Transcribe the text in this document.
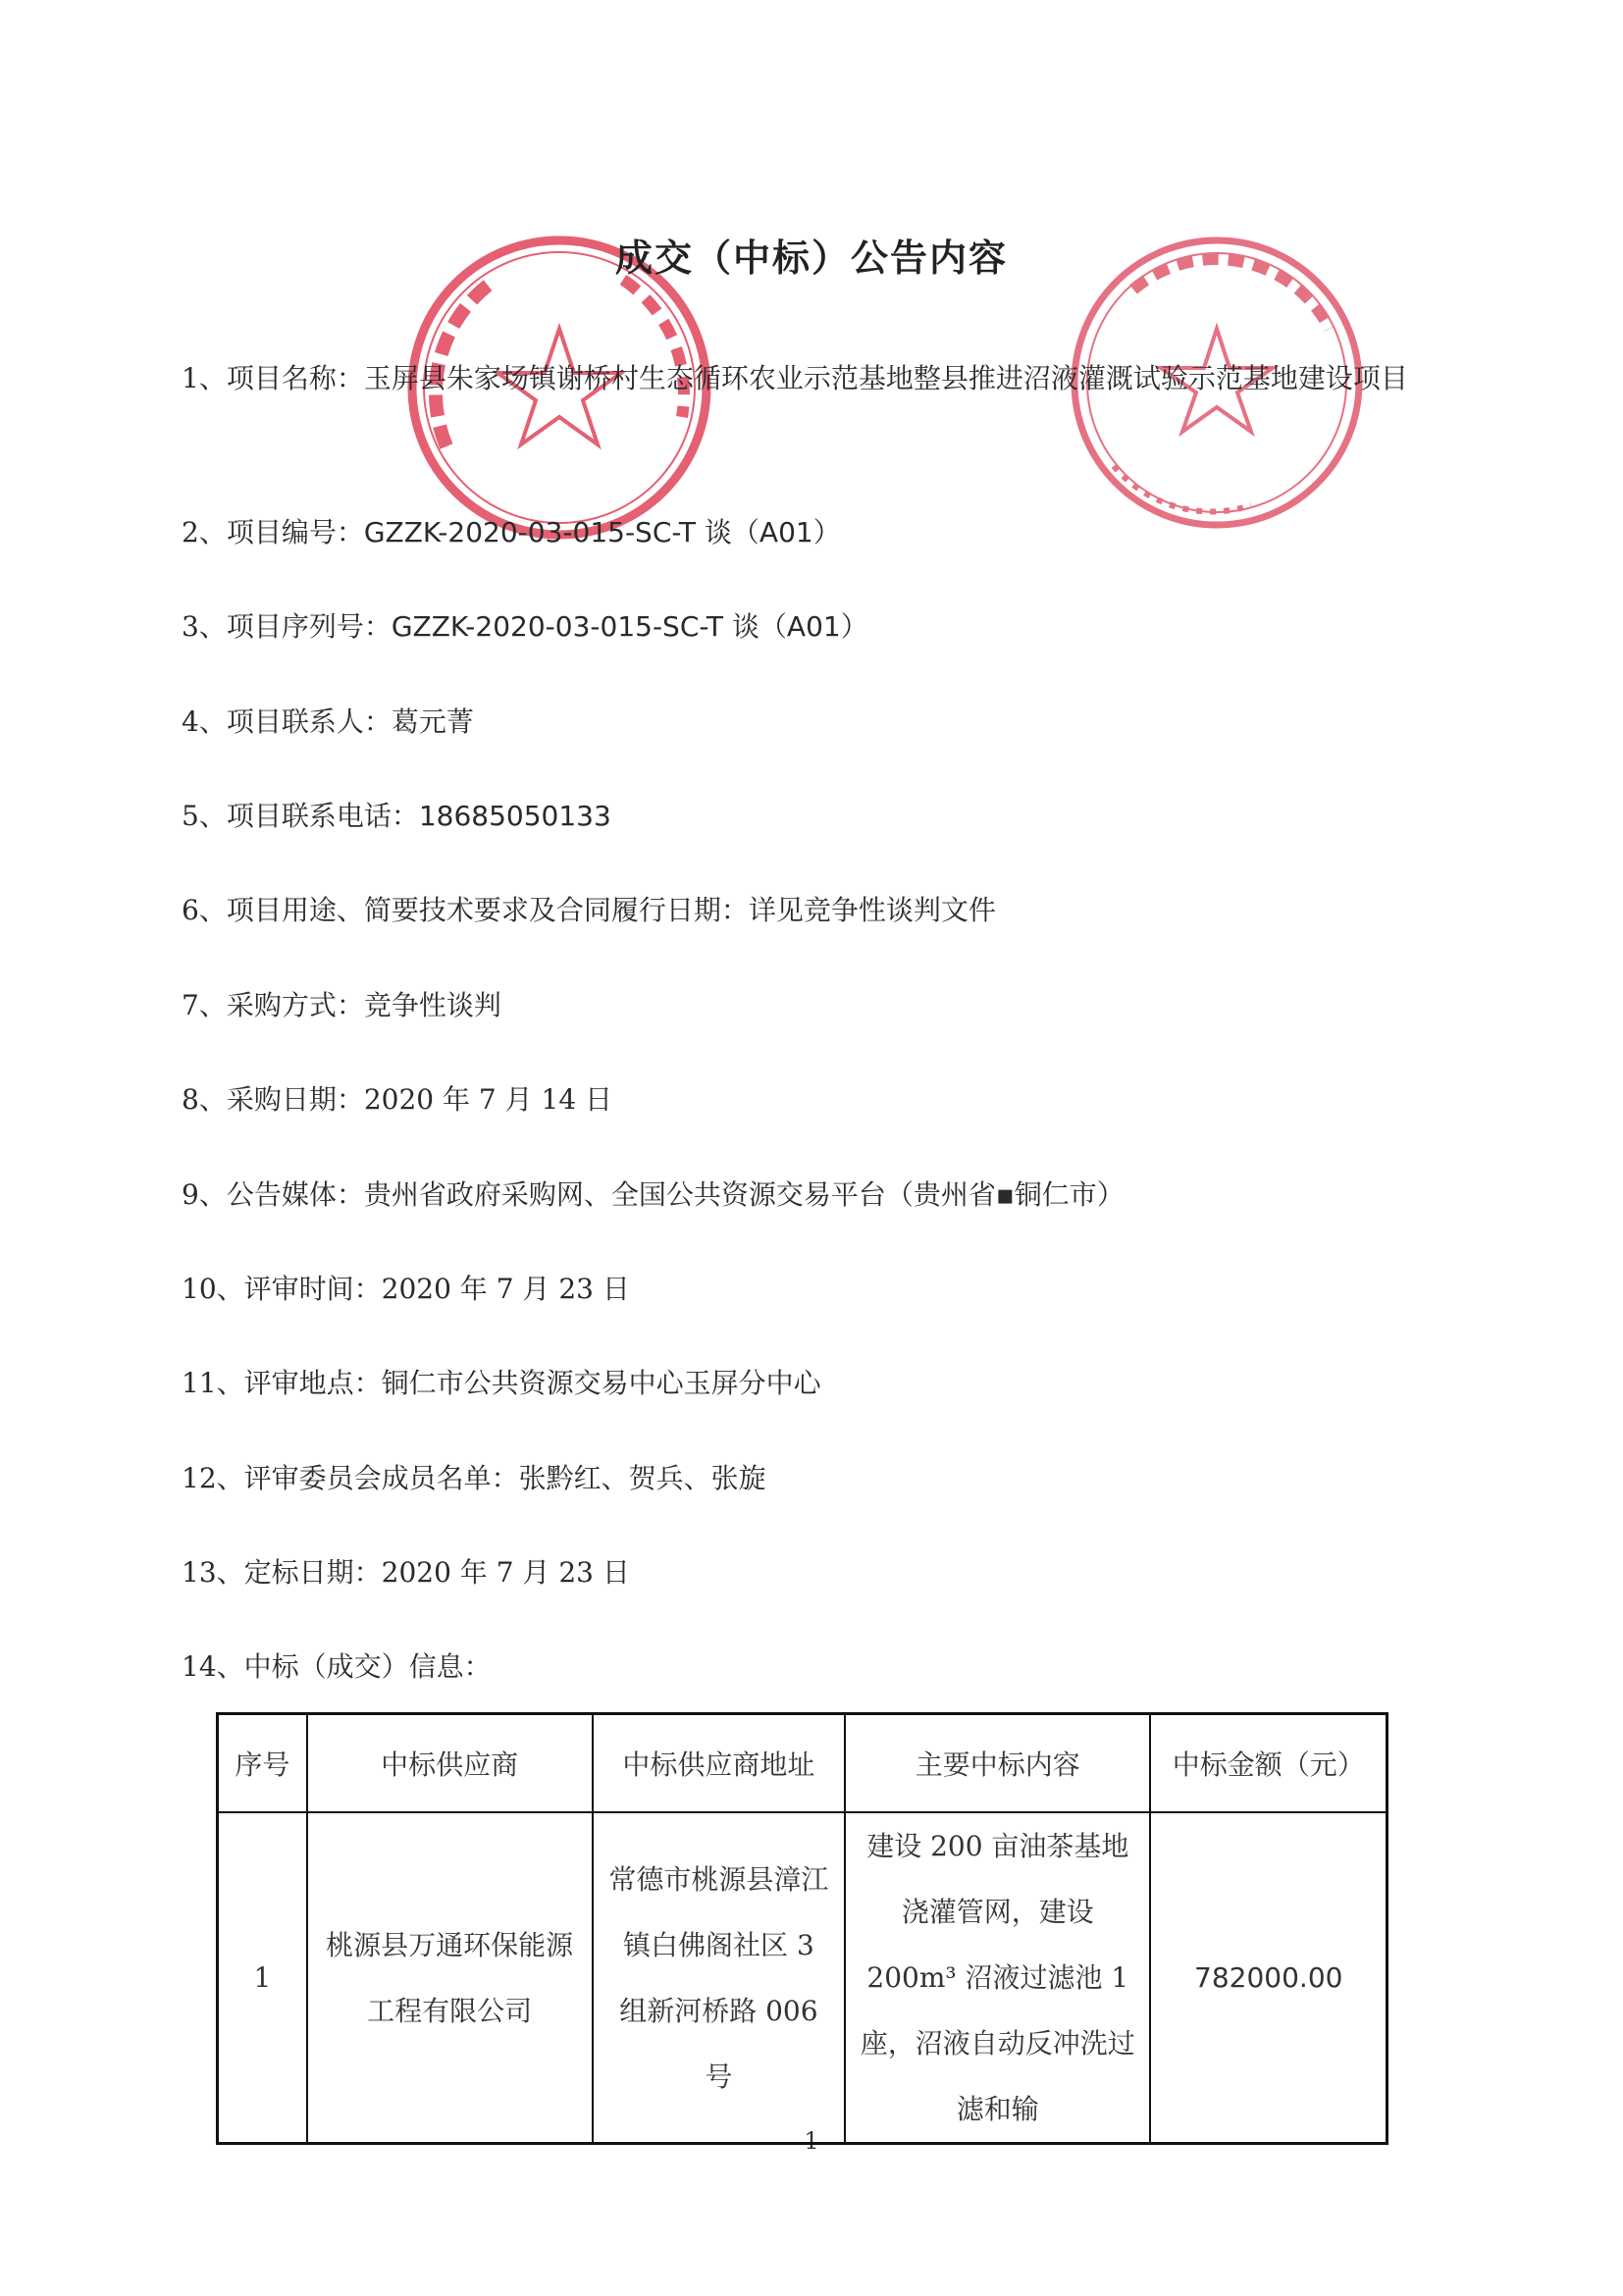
成交（中标）公告内容
1、项目名称： 玉屏县朱家场镇谢桥村生态循环农业示范基地整县推进沼液灌溉试验示范基地建设项目
2、项目编号： GZZK-2020-03-015-SC-T 谈（A01）
3、项目序列号： GZZK-2020-03-015-SC-T 谈（A01）
4、项目联系人： 葛元菁
5、项目联系电话： 18685050133
6、项目用途、简要技术要求及合同履行日期： 详见竞争性谈判文件
7、采购方式： 竞争性谈判
8、采购日期： 2020 年 7 月 14 日
9、公告媒体： 贵州省政府采购网、全国公共资源交易平台（贵州省▪铜仁市）
10、评审时间： 2020 年 7 月 23 日
11、评审地点： 铜仁市公共资源交易中心玉屏分中心
12、评审委员会成员名单： 张黔红、贺兵、张旋
13、定标日期： 2020 年 7 月 23 日
14、中标（成交）信息：
序号	中标供应商	中标供应商地址	主要中标内容	中标金额（元）
1	桃源县万通环保能源工程有限公司	常德市桃源县漳江镇白佛阁社区 3 组新河桥路 006 号	建设 200 亩油茶基地浇灌管网，建设 200m³ 沼液过滤池 1 座，沼液自动反冲洗过滤和输	782000.00
1
